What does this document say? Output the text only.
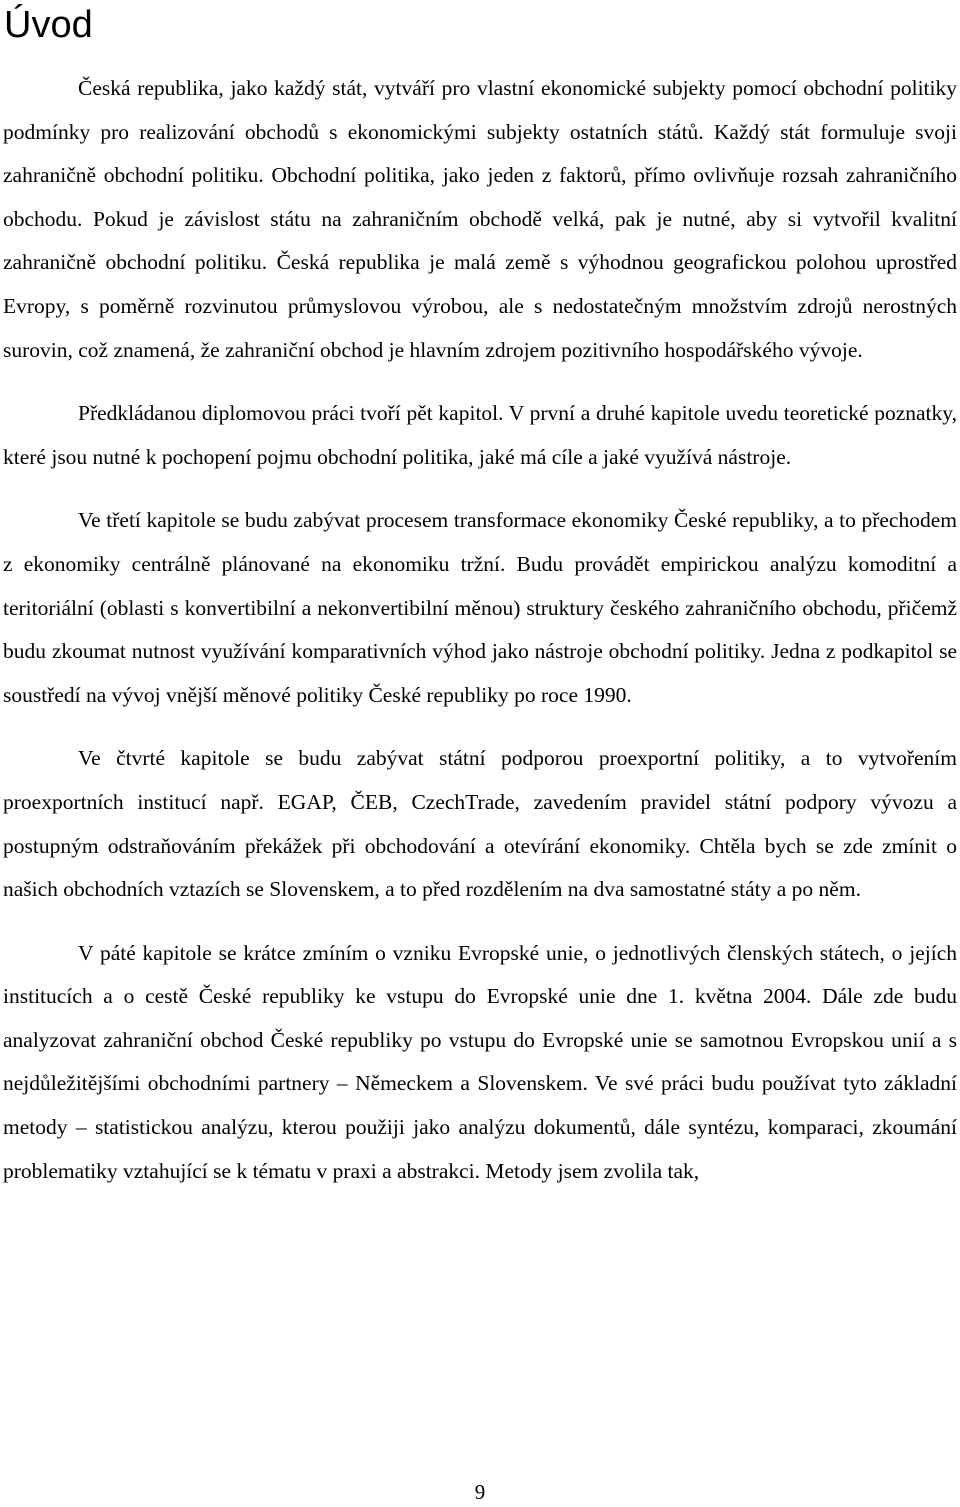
Úvod

Česká republika, jako každý stát, vytváří pro vlastní ekonomické subjekty pomocí obchodní politiky podmínky pro realizování obchodů s ekonomickými subjekty ostatních států. Každý stát formuluje svoji zahraničně obchodní politiku. Obchodní politika, jako jeden z faktorů, přímo ovlivňuje rozsah zahraničního obchodu. Pokud je závislost státu na zahraničním obchodě velká, pak je nutné, aby si vytvořil kvalitní zahraničně obchodní politiku. Česká republika je malá země s výhodnou geografickou polohou uprostřed Evropy, s poměrně rozvinutou průmyslovou výrobou, ale s nedostatečným množstvím zdrojů nerostných surovin, což znamená, že zahraniční obchod je hlavním zdrojem pozitivního hospodářského vývoje.

Předkládanou diplomovou práci tvoří pět kapitol. V první a druhé kapitole uvedu teoretické poznatky, které jsou nutné k pochopení pojmu obchodní politika, jaké má cíle a jaké využívá nástroje.

Ve třetí kapitole se budu zabývat procesem transformace ekonomiky České republiky, a to přechodem z ekonomiky centrálně plánované na ekonomiku tržní. Budu provádět empirickou analýzu komoditní a teritoriální (oblasti s konvertibilní a nekonvertibilní měnou) struktury českého zahraničního obchodu, přičemž budu zkoumat nutnost využívání komparativních výhod jako nástroje obchodní politiky. Jedna z podkapitol se soustředí na vývoj vnější měnové politiky České republiky po roce 1990.

Ve čtvrté kapitole se budu zabývat státní podporou proexportní politiky, a to vytvořením proexportních institucí např. EGAP, ČEB, CzechTrade, zavedením pravidel státní podpory vývozu a postupným odstraňováním překážek při obchodování a otevírání ekonomiky. Chtěla bych se zde zmínit o našich obchodních vztazích se Slovenskem, a to před rozdělením na dva samostatné státy a po něm.

V páté kapitole se krátce zmíním o vzniku Evropské unie, o jednotlivých členských státech, o jejích institucích a o cestě České republiky ke vstupu do Evropské unie dne 1. května 2004. Dále zde budu analyzovat zahraniční obchod České republiky po vstupu do Evropské unie se samotnou Evropskou unií a s nejdůležitějšími obchodními partnery – Německem a Slovenskem. Ve své práci budu používat tyto základní metody – statistickou analýzu, kterou použiji jako analýzu dokumentů, dále syntézu, komparaci, zkoumání problematiky vztahující se k tématu v praxi a abstrakci. Metody jsem zvolila tak,

9
